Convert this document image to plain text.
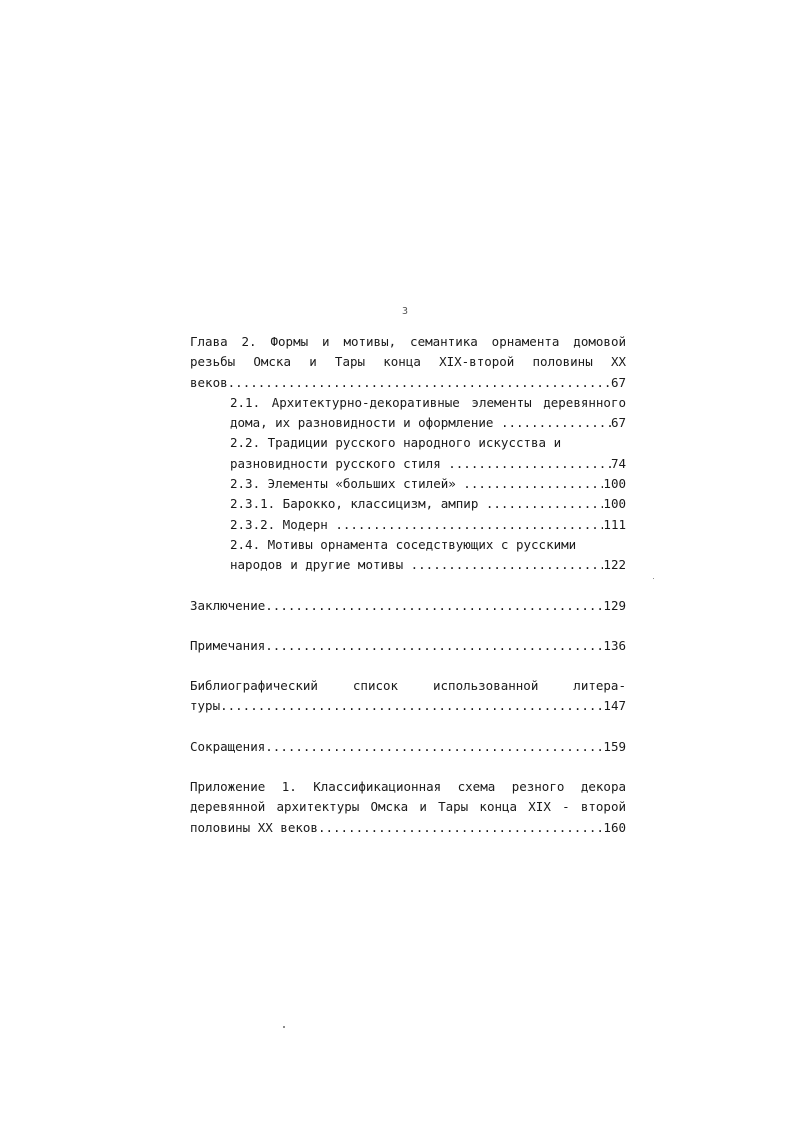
3
Глава 2. Формы и мотивы, семантика орнамента домовой
резьбы Омска и Тары конца XIX-второй половины XX
веков .....	67
2.1. Архитектурно-декоративные элементы деревянного
дома, их разновидности и оформление .....	67
2.2. Традиции русского народного искусства и
разновидности русского стиля .....	74
2.3. Элементы «больших стилей» .....	100
2.3.1. Барокко, классицизм, ампир .....	100
2.3.2. Модерн .....	111
2.4. Мотивы орнамента соседствующих с русскими
народов и другие мотивы .....	122
Заключение .....	129
Примечания .....	136
Библиографический список использованной литера-
туры .....	147
Сокращения .....	159
Приложение 1. Классификационная схема резного декора
деревянной архитектуры Омска и Тары конца XIX - второй
половины XX веков .....	160
